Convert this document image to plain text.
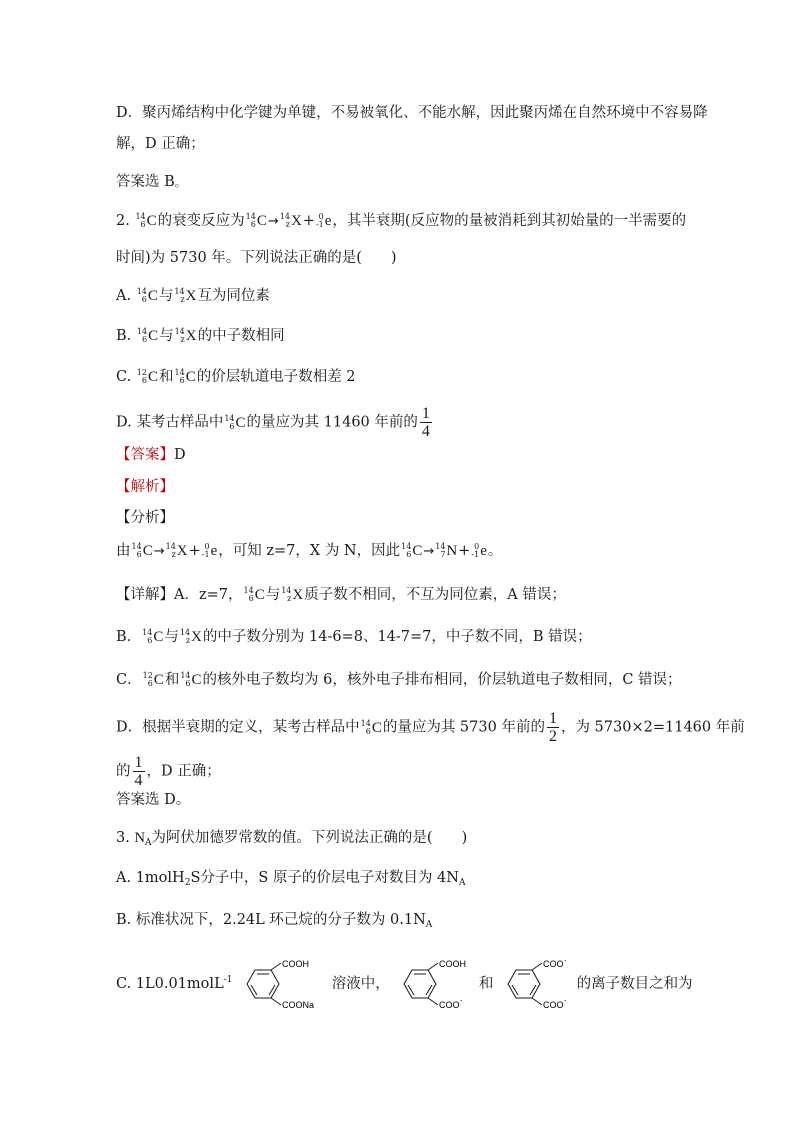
D．聚丙烯结构中化学键为单键，不易被氧化、不能水解，因此聚丙烯在自然环境中不容易降
解，D 正确；
答案选 B。
2. 14
6 C的衰变反应为 14
6 C→ 14
z X+ 0
-1 e，其半衰期(反应物的量被消耗到其初始量的一半需要的
时间)为 5730 年。下列说法正确的是(　　)
A. 14
6 C与 14
z X互为同位素
B. 14
6 C与 14
z X的中子数相同
C. 12
6 C和 14
6 C的价层轨道电子数相差 2
D. 某考古样品中 14
6 C的量应为其 11460 年前的 $\frac{1}{4}$
【答案】D
【解析】
【分析】
由 14
6 C→ 14
z X+ 0
-1 e，可知 z=7，X 为 N，因此 14
6 C→ 14
7 N+ 0
-1 e。
【详解】A．z=7， 14
6 C与 14
z X质子数不相同，不互为同位素，A 错误；
B． 14
6 C与 14
z X的中子数分别为 14-6=8、14-7=7，中子数不同，B 错误；
C． 12
6 C和 14
6 C的核外电子数均为 6，核外电子排布相同，价层轨道电子数相同，C 错误；
D．根据半衰期的定义，某考古样品中 14
6 C的量应为其 5730 年前的 $\frac{1}{2}$ ，为 5730×2=11460 年前
的 $\frac{1}{4}$ ，D 正确；
答案选 D。
3. $N_A$为阿伏加德罗常数的值。下列说法正确的是(　　)
A. 1molH$_2$S分子中，S 原子的价层电子对数目为 $4N_A$
B. 标准状况下，2.24L 环己烷的分子数为 $0.1N_A$
C. 1L0.01molL$^{-1}$
COOH
COONa
溶液中，
COOH
COO -
和
COO -
COO -
的离子数目之和为
